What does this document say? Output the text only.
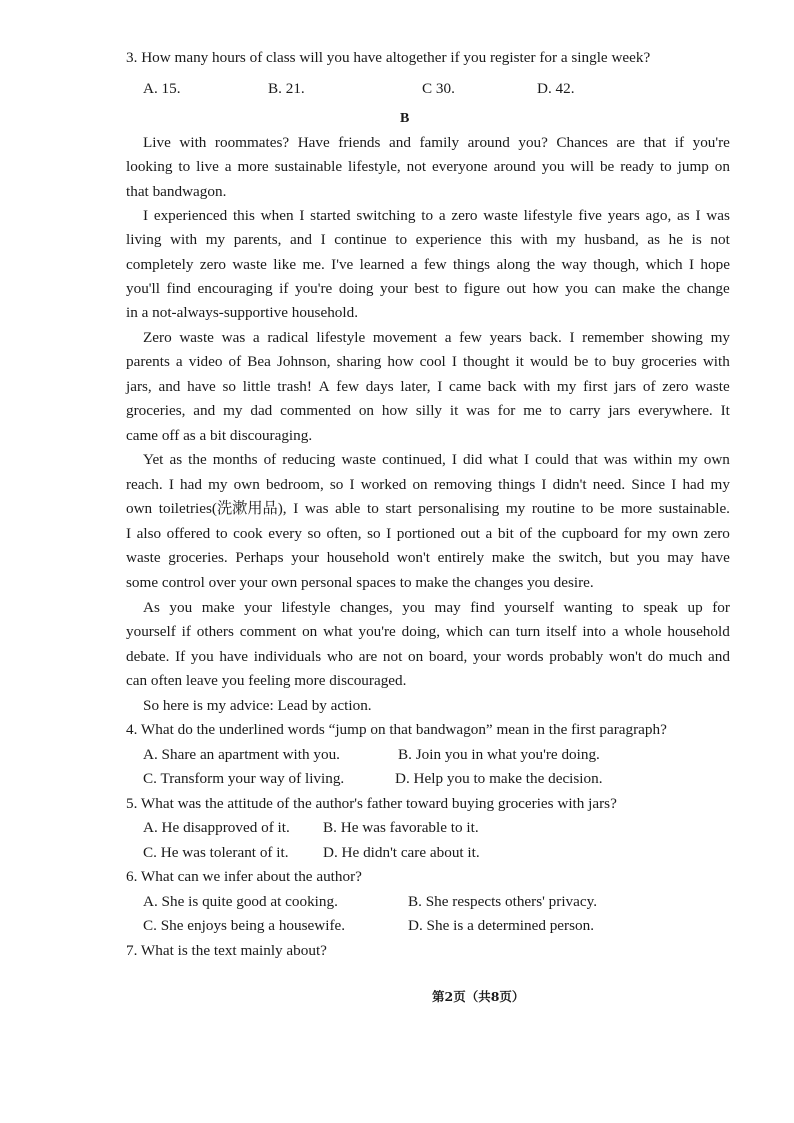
3. How many hours of class will you have altogether if you register for a single week?
A. 15.	B. 21.	C 30.	D. 42.
B
Live with roommates? Have friends and family around you? Chances are that if you're
looking to live a more sustainable lifestyle, not everyone around you will be ready to jump on
that bandwagon.
I experienced this when I started switching to a zero waste lifestyle five years ago, as I was
living with my parents, and I continue to experience this with my husband, as he is not
completely zero waste like me. I've learned a few things along the way though, which I hope
you'll find encouraging if you're doing your best to figure out how you can make the change
in a not-always-supportive household.
Zero waste was a radical lifestyle movement a few years back. I remember showing my
parents a video of Bea Johnson, sharing how cool I thought it would be to buy groceries with
jars, and have so little trash! A few days later, I came back with my first jars of zero waste
groceries, and my dad commented on how silly it was for me to carry jars everywhere. It
came off as a bit discouraging.
Yet as the months of reducing waste continued, I did what I could that was within my own
reach. I had my own bedroom, so I worked on removing things I didn't need. Since I had my
own toiletries(洗漱用品), I was able to start personalising my routine to be more sustainable.
I also offered to cook every so often, so I portioned out a bit of the cupboard for my own zero
waste groceries. Perhaps your household won't entirely make the switch, but you may have
some control over your own personal spaces to make the changes you desire.
As you make your lifestyle changes, you may find yourself wanting to speak up for
yourself if others comment on what you're doing, which can turn itself into a whole household
debate. If you have individuals who are not on board, your words probably won't do much and
can often leave you feeling more discouraged.
So here is my advice: Lead by action.
4. What do the underlined words “jump on that bandwagon” mean in the first paragraph?
A. Share an apartment with you.	B. Join you in what you're doing.
C. Transform your way of living.	D. Help you to make the decision.
5. What was the attitude of the author's father toward buying groceries with jars?
A. He disapproved of it. B. He was favorable to it.
C. He was tolerant of it. D. He didn't care about it.
6. What can we infer about the author?
A. She is quite good at cooking.	B. She respects others' privacy.
C. She enjoys being a housewife.	D. She is a determined person.
7. What is the text mainly about?
第2页（共8页）
